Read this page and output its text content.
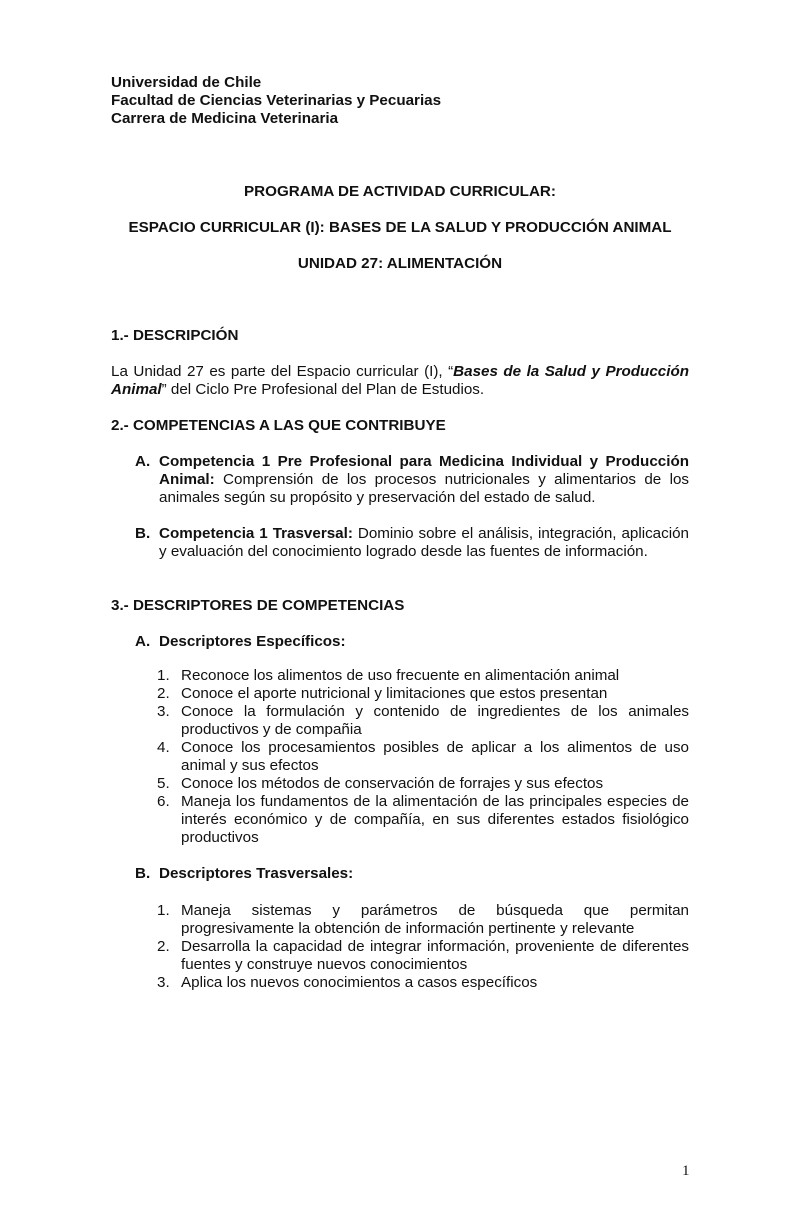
Universidad de Chile
Facultad de Ciencias Veterinarias y Pecuarias
Carrera de Medicina Veterinaria
PROGRAMA DE ACTIVIDAD CURRICULAR:
ESPACIO CURRICULAR (I): BASES DE LA SALUD Y PRODUCCIÓN ANIMAL
UNIDAD 27: ALIMENTACIÓN
1.- DESCRIPCIÓN
La Unidad 27 es parte del Espacio curricular (I), “Bases de la Salud y Producción Animal” del Ciclo Pre Profesional del Plan de Estudios.
2.- COMPETENCIAS A LAS QUE CONTRIBUYE
A. Competencia 1 Pre Profesional para Medicina Individual y Producción Animal: Comprensión de los procesos nutricionales y alimentarios de los animales según su propósito y preservación del estado de salud.
B. Competencia 1 Trasversal: Dominio sobre el análisis, integración, aplicación y evaluación del conocimiento logrado desde las fuentes de información.
3.- DESCRIPTORES DE COMPETENCIAS
A. Descriptores Específicos:
1. Reconoce los alimentos de uso frecuente en alimentación animal
2. Conoce el aporte nutricional y limitaciones que estos presentan
3. Conoce la formulación y contenido de ingredientes de los animales productivos y de compañia
4. Conoce los procesamientos posibles de aplicar a los alimentos de uso animal y sus efectos
5. Conoce los métodos de conservación de forrajes y sus efectos
6. Maneja los fundamentos de la alimentación de las principales especies de interés económico y de compañía, en sus diferentes estados fisiológico productivos
B. Descriptores Trasversales:
1. Maneja sistemas y parámetros de búsqueda que permitan progresivamente la obtención de información pertinente y relevante
2. Desarrolla la capacidad de integrar información, proveniente de diferentes fuentes y construye nuevos conocimientos
3. Aplica los nuevos conocimientos a casos específicos
1
